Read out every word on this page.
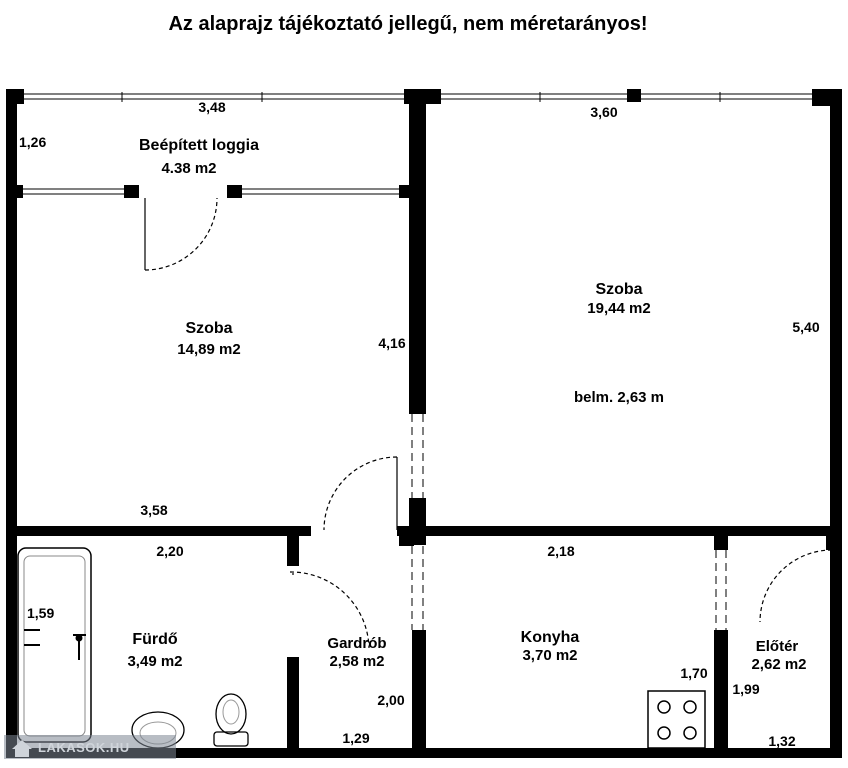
Az alaprajz tájékoztató jellegű, nem méretarányos!
Beépített loggia
4.38 m2
Szoba
14,89 m2
Szoba
19,44 m2
belm. 2,63 m
Fürdő
3,49 m2
Gardrób
2,58 m2
Konyha
3,70 m2
Előtér
2,62 m2
3,48
1,26
3,60
5,40
4,16
3,58
2,20
1,59
2,00
1,29
2,18
1,70
1,99
1,32
LAKASOK.HU
